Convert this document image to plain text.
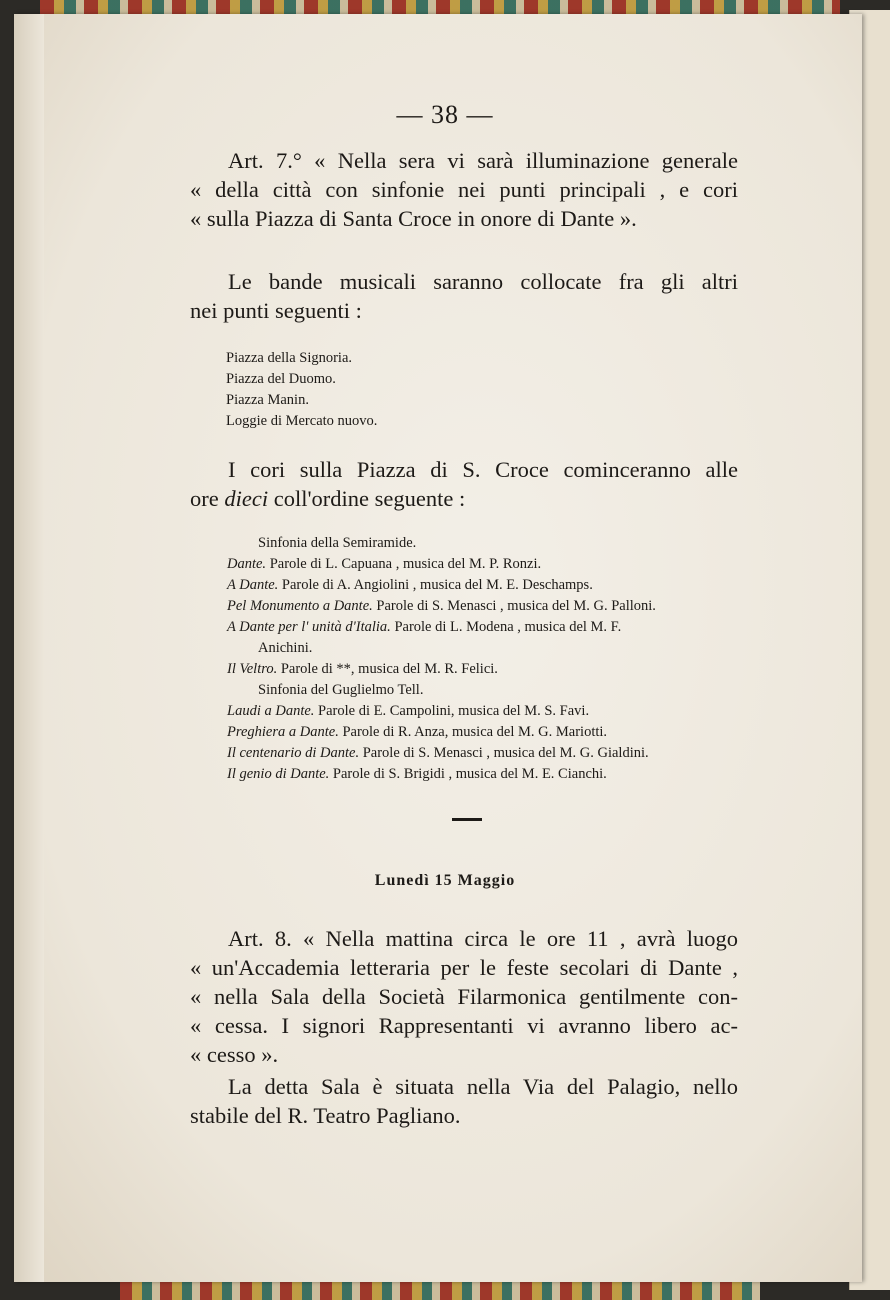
— 38 —
Art. 7.° « Nella sera vi sarà illuminazione generale
« della città con sinfonie nei punti principali , e cori
« sulla Piazza di Santa Croce in onore di Dante ».
Le bande musicali saranno collocate fra gli altri
nei punti seguenti :
Piazza della Signoria.
Piazza del Duomo.
Piazza Manin.
Loggie di Mercato nuovo.
I cori sulla Piazza di S. Croce cominceranno alle
ore dieci coll'ordine seguente :
Sinfonia della Semiramide.
Dante. Parole di L. Capuana , musica del M. P. Ronzi.
A Dante. Parole di A. Angiolini , musica del M. E. Deschamps.
Pel Monumento a Dante. Parole di S. Menasci , musica del M. G. Palloni.
A Dante per l' unità d'Italia. Parole di L. Modena , musica del M. F.
Anichini.
Il Veltro. Parole di **, musica del M. R. Felici.
Sinfonia del Guglielmo Tell.
Laudi a Dante. Parole di E. Campolini, musica del M. S. Favi.
Preghiera a Dante. Parole di R. Anza, musica del M. G. Mariotti.
Il centenario di Dante. Parole di S. Menasci , musica del M. G. Gialdini.
Il genio di Dante. Parole di S. Brigidi , musica del M. E. Cianchi.
Lunedì 15 Maggio
Art. 8. « Nella mattina circa le ore 11 , avrà luogo
« un'Accademia letteraria per le feste secolari di Dante ,
« nella Sala della Società Filarmonica gentilmente con-
« cessa. I signori Rappresentanti vi avranno libero ac-
« cesso ».
La detta Sala è situata nella Via del Palagio, nello
stabile del R. Teatro Pagliano.
